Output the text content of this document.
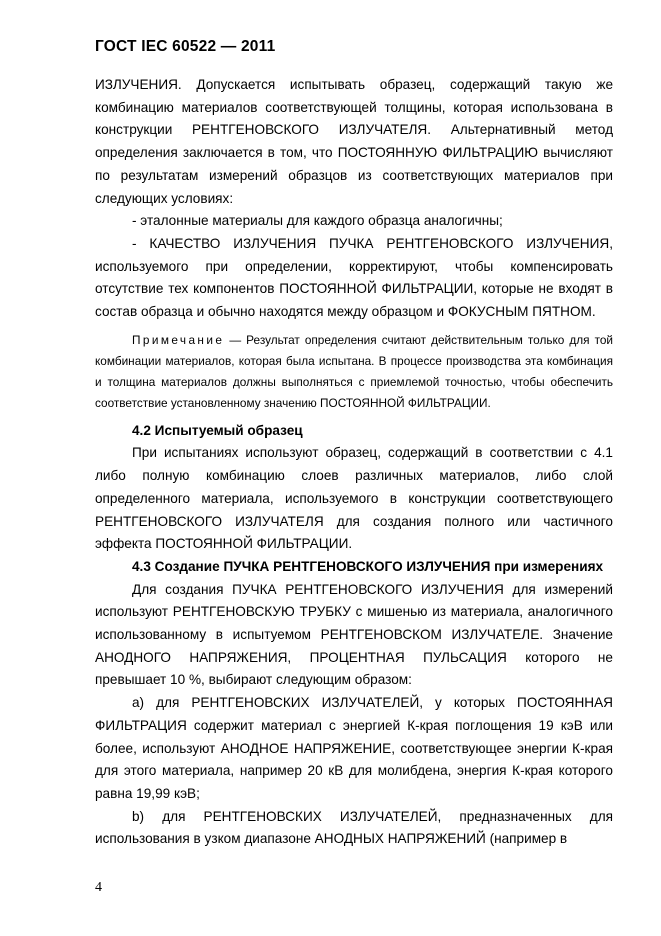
ГОСТ IEC 60522 — 2011

ИЗЛУЧЕНИЯ. Допускается испытывать образец, содержащий такую же комбинацию материалов соответствующей толщины, которая использована в конструкции РЕНТГЕНОВСКОГО ИЗЛУЧАТЕЛЯ. Альтернативный метод определения заключается в том, что ПОСТОЯННУЮ ФИЛЬТРАЦИЮ вычисляют по результатам измерений образцов из соответствующих материалов при следующих условиях:

- эталонные материалы для каждого образца аналогичны;

- КАЧЕСТВО ИЗЛУЧЕНИЯ ПУЧКА РЕНТГЕНОВСКОГО ИЗЛУЧЕНИЯ, используемого при определении, корректируют, чтобы компенсировать отсутствие тех компонентов ПОСТОЯННОЙ ФИЛЬТРАЦИИ, которые не входят в состав образца и обычно находятся между образцом и ФОКУСНЫМ ПЯТНОМ.

Примечание — Результат определения считают действительным только для той комбинации материалов, которая была испытана. В процессе производства эта комбинация и толщина материалов должны выполняться с приемлемой точностью, чтобы обеспечить соответствие установленному значению ПОСТОЯННОЙ ФИЛЬТРАЦИИ.
4.2 Испытуемый образец

При испытаниях используют образец, содержащий в соответствии с 4.1 либо полную комбинацию слоев различных материалов, либо слой определенного материала, используемого в конструкции соответствующего РЕНТГЕНОВСКОГО ИЗЛУЧАТЕЛЯ для создания полного или частичного эффекта ПОСТОЯННОЙ ФИЛЬТРАЦИИ.

4.3 Создание ПУЧКА РЕНТГЕНОВСКОГО ИЗЛУЧЕНИЯ при измерениях

Для создания ПУЧКА РЕНТГЕНОВСКОГО ИЗЛУЧЕНИЯ для измерений используют РЕНТГЕНОВСКУЮ ТРУБКУ с мишенью из материала, аналогичного использованному в испытуемом РЕНТГЕНОВСКОМ ИЗЛУЧАТЕЛЕ. Значение АНОДНОГО НАПРЯЖЕНИЯ, ПРОЦЕНТНАЯ ПУЛЬСАЦИЯ которого не превышает 10 %, выбирают следующим образом:

a) для РЕНТГЕНОВСКИХ ИЗЛУЧАТЕЛЕЙ, у которых ПОСТОЯННАЯ ФИЛЬТРАЦИЯ содержит материал с энергией К-края поглощения 19 кэВ или более, используют АНОДНОЕ НАПРЯЖЕНИЕ, соответствующее энергии К-края для этого материала, например 20 кВ для молибдена, энергия К-края которого равна 19,99 кэВ;

b) для РЕНТГЕНОВСКИХ ИЗЛУЧАТЕЛЕЙ, предназначенных для использования в узком диапазоне АНОДНЫХ НАПРЯЖЕНИЙ (например в

4
